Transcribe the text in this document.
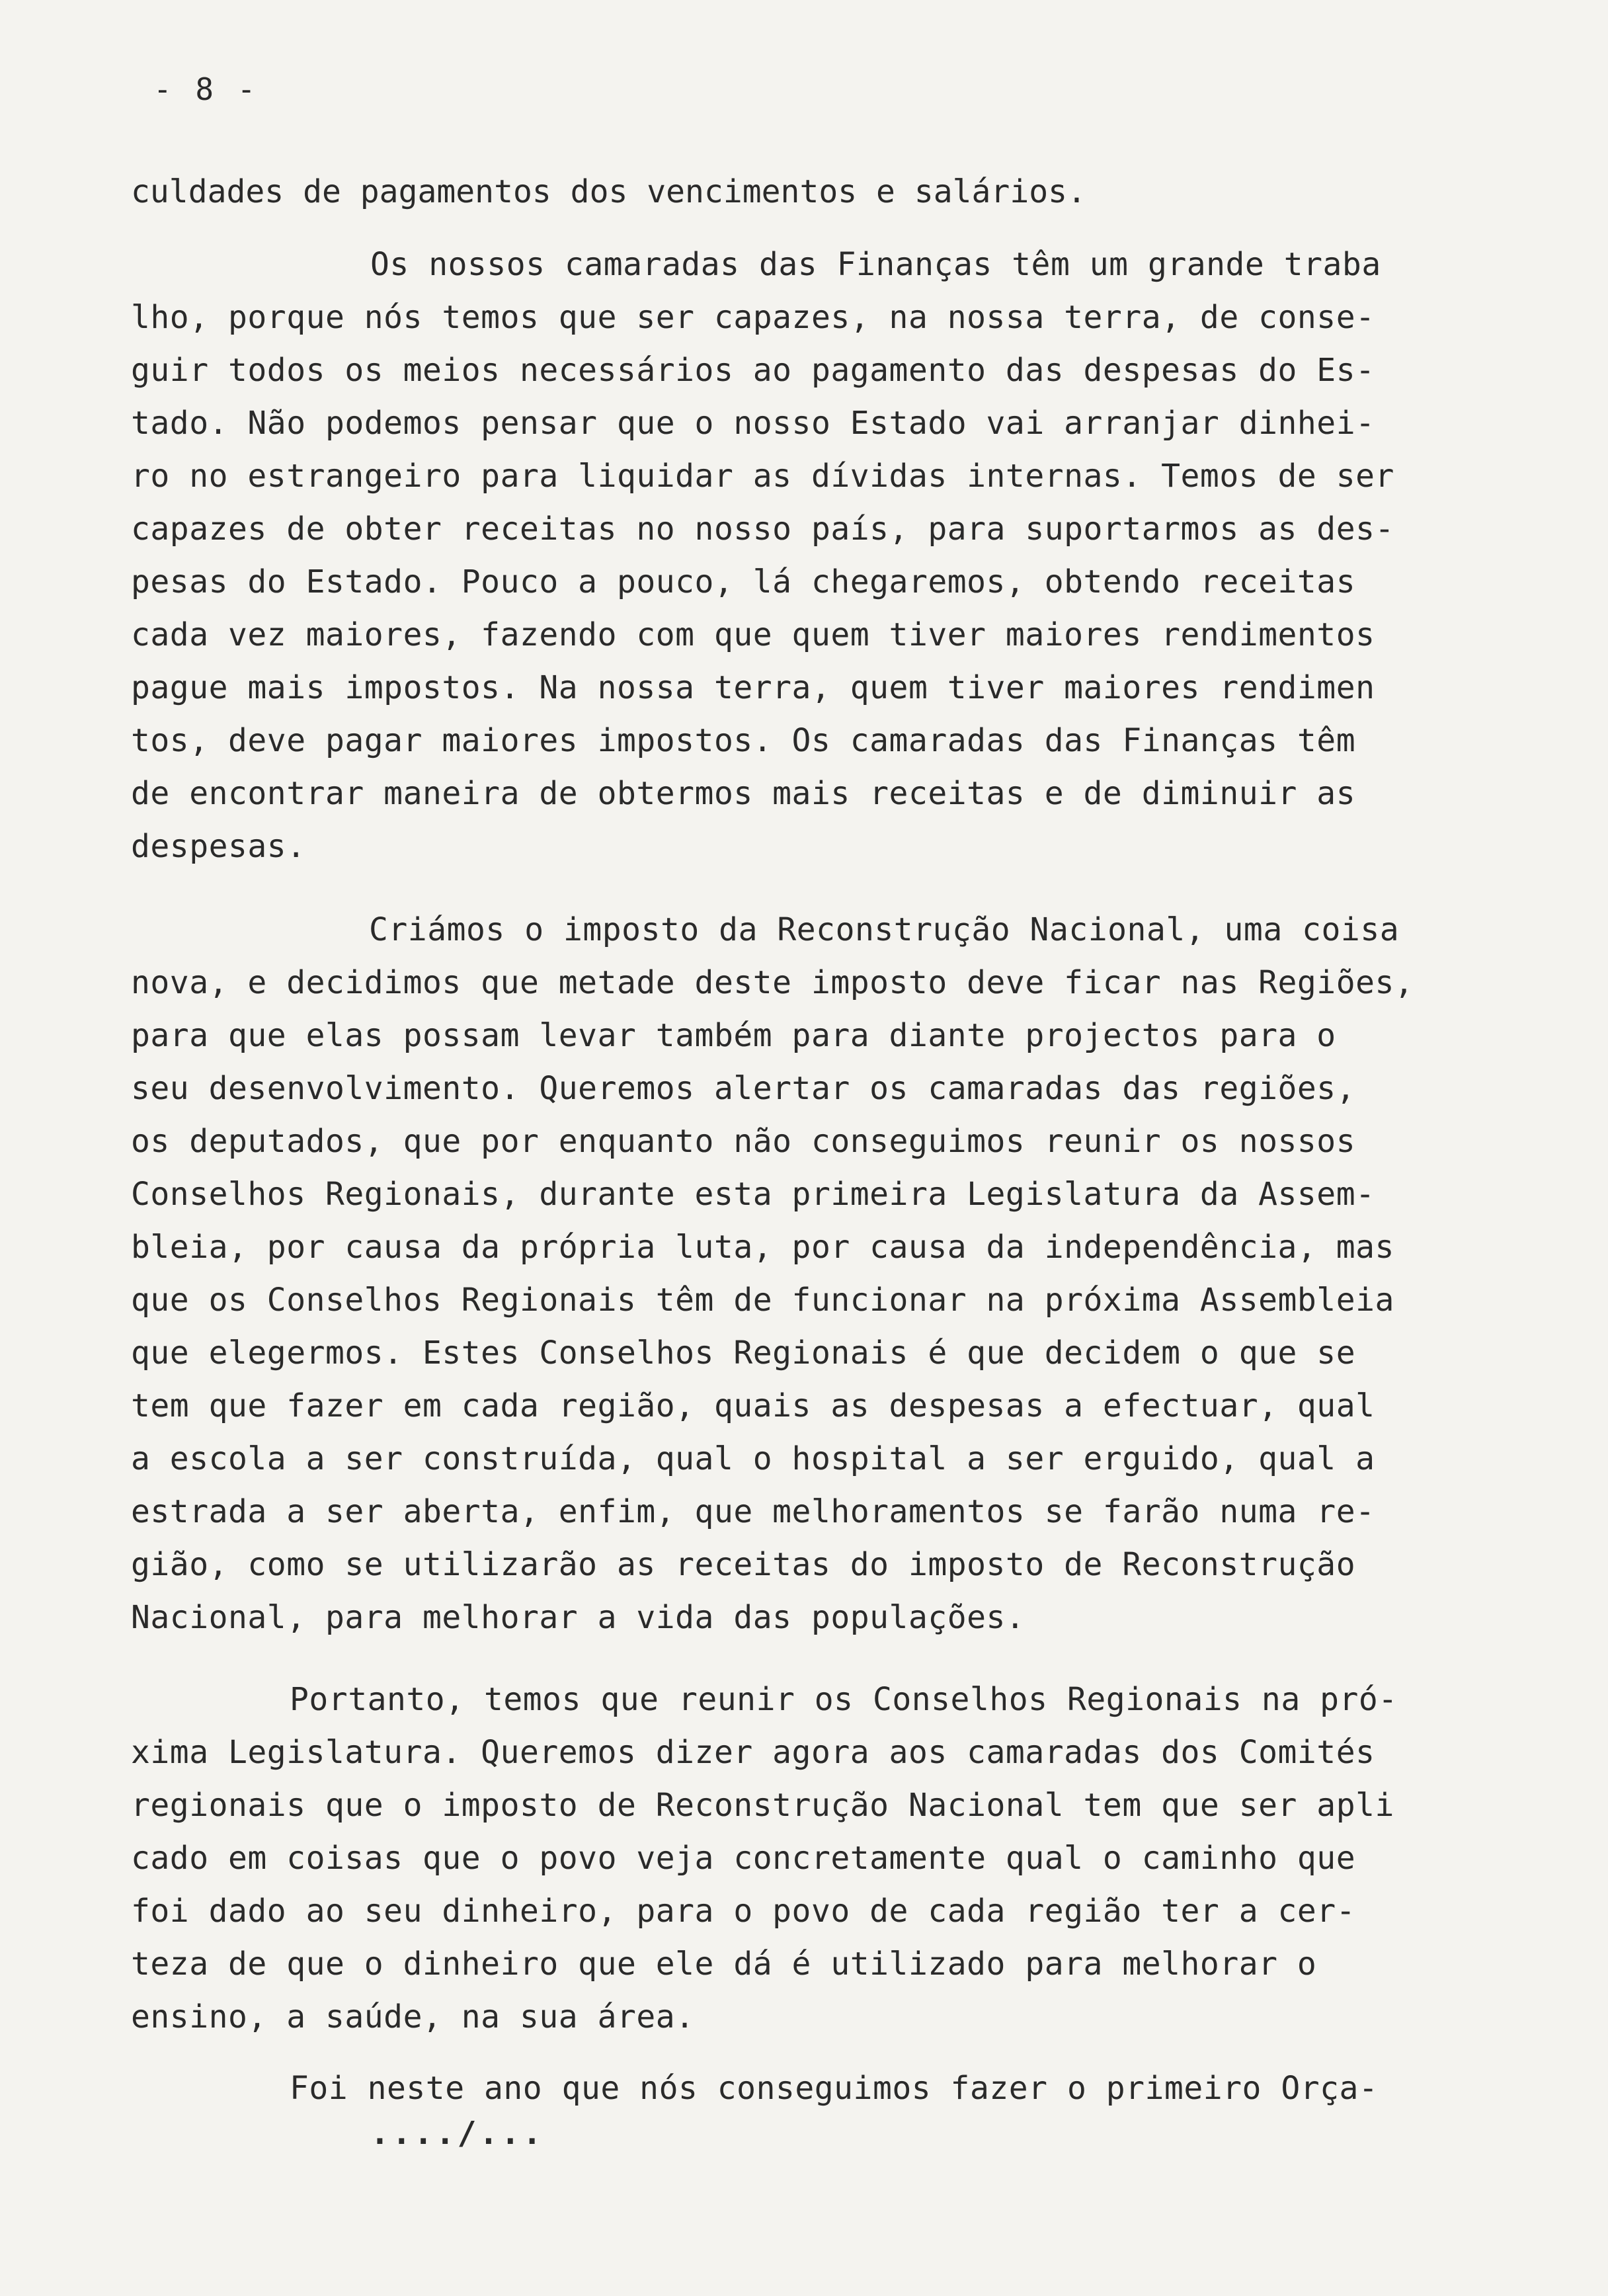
- 8 -
culdades de pagamentos dos vencimentos e salários.
Os nossos camaradas das Finanças têm um grande traba
lho, porque nós temos que ser capazes, na nossa terra, de conse-
guir todos os meios necessários ao pagamento das despesas do Es-
tado. Não podemos pensar que o nosso Estado vai arranjar dinhei-
ro no estrangeiro para liquidar as dívidas internas. Temos de ser
capazes de obter receitas no nosso país, para suportarmos as des-
pesas do Estado. Pouco a pouco, lá chegaremos, obtendo receitas
cada vez maiores, fazendo com que quem tiver maiores rendimentos
pague mais impostos. Na nossa terra, quem tiver maiores rendimen
tos, deve pagar maiores impostos. Os camaradas das Finanças têm
de encontrar maneira de obtermos mais receitas e de diminuir as
despesas.
Criámos o imposto da Reconstrução Nacional, uma coisa
nova, e decidimos que metade deste imposto deve ficar nas Regiões,
para que elas possam levar também para diante projectos para o
seu desenvolvimento. Queremos alertar os camaradas das regiões,
os deputados, que por enquanto não conseguimos reunir os nossos
Conselhos Regionais, durante esta primeira Legislatura da Assem-
bleia, por causa da própria luta, por causa da independência, mas
que os Conselhos Regionais têm de funcionar na próxima Assembleia
que elegermos. Estes Conselhos Regionais é que decidem o que se
tem que fazer em cada região, quais as despesas a efectuar, qual
a escola a ser construída, qual o hospital a ser erguido, qual a
estrada a ser aberta, enfim, que melhoramentos se farão numa re-
gião, como se utilizarão as receitas do imposto de Reconstrução
Nacional, para melhorar a vida das populações.
Portanto, temos que reunir os Conselhos Regionais na pró-
xima Legislatura. Queremos dizer agora aos camaradas dos Comités
regionais que o imposto de Reconstrução Nacional tem que ser apli
cado em coisas que o povo veja concretamente qual o caminho que
foi dado ao seu dinheiro, para o povo de cada região ter a cer-
teza de que o dinheiro que ele dá é utilizado para melhorar o
ensino, a saúde, na sua área.
Foi neste ano que nós conseguimos fazer o primeiro Orça-
..../...
